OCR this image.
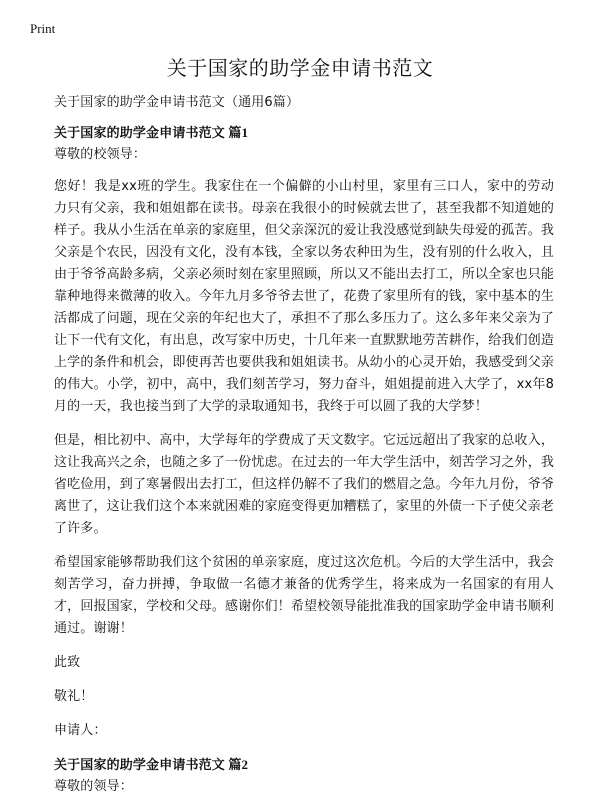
Print
关于国家的助学金申请书范文

关于国家的助学金申请书范文（通用6篇）

关于国家的助学金申请书范文 篇1

尊敬的校领导：

您好！我是xx班的学生。我家住在一个偏僻的小山村里，家里有三口人，家中的劳动力只有父亲，我和姐姐都在读书。母亲在我很小的时候就去世了，甚至我都不知道她的样子。我从小生活在单亲的家庭里，但父亲深沉的爱让我没感觉到缺失母爱的孤苦。我父亲是个农民，因没有文化，没有本钱，全家以务农种田为生，没有别的什么收入，且由于爷爷高龄多病，父亲必须时刻在家里照顾，所以又不能出去打工，所以全家也只能靠种地得来微薄的收入。今年九月多爷爷去世了，花费了家里所有的钱，家中基本的生活都成了问题，现在父亲的年纪也大了，承担不了那么多压力了。这么多年来父亲为了让下一代有文化，有出息，改写家中历史，十几年来一直默默地劳苦耕作，给我们创造上学的条件和机会，即使再苦也要供我和姐姐读书。从幼小的心灵开始，我感受到父亲的伟大。小学，初中，高中，我们刻苦学习，努力奋斗，姐姐提前进入大学了，xx年8月的一天，我也接当到了大学的录取通知书，我终于可以圆了我的大学梦！

但是，相比初中、高中，大学每年的学费成了天文数字。它远远超出了我家的总收入，这让我高兴之余，也随之多了一份忧虑。在过去的一年大学生活中，刻苦学习之外，我省吃俭用，到了寒暑假出去打工，但这样仍解不了我们的燃眉之急。今年九月份，爷爷离世了，这让我们这个本来就困难的家庭变得更加糟糕了，家里的外债一下子使父亲老了许多。

希望国家能够帮助我们这个贫困的单亲家庭，度过这次危机。今后的大学生活中，我会刻苦学习，奋力拼搏，争取做一名德才兼备的优秀学生，将来成为一名国家的有用人才，回报国家，学校和父母。感谢你们！希望校领导能批准我的国家助学金申请书顺利通过。谢谢！

此致

敬礼！

申请人：

关于国家的助学金申请书范文 篇2

尊敬的领导：
